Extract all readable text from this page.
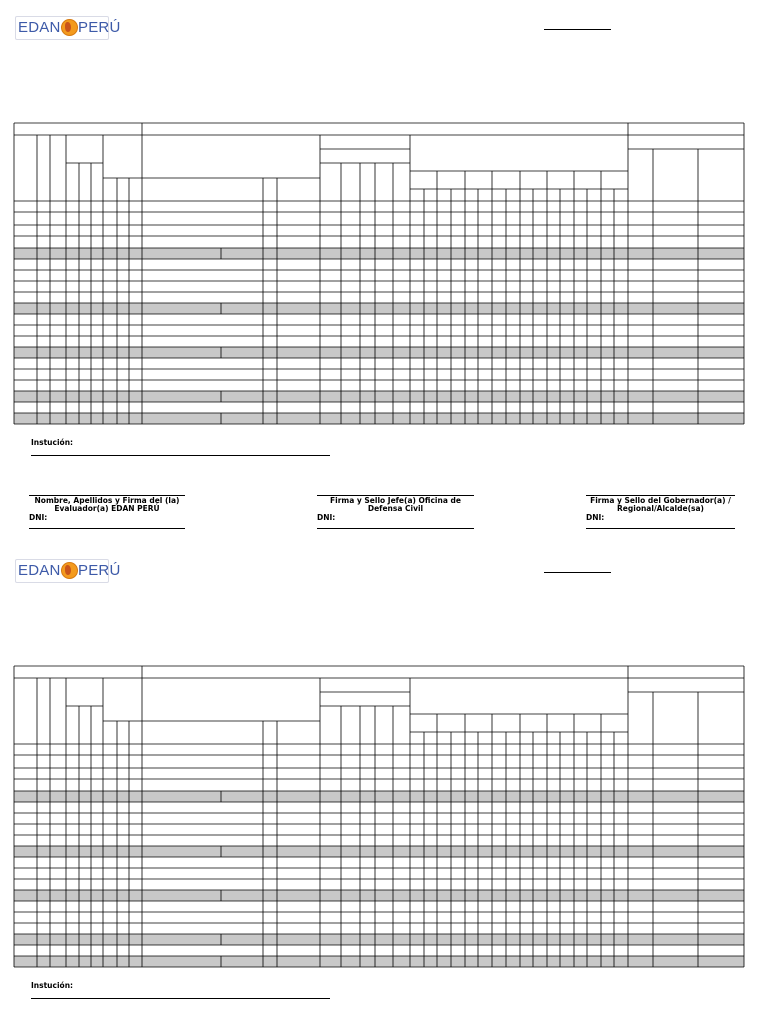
EDAN PERÚ
Instución:
Nombre, Apellidos y Firma del (la) Evaluador(a) EDAN PERÚ
DNI:
Firma y Sello Jefe(a) Oficina de Defensa Civil
DNI:
Firma y Sello del Gobernador(a) / Regional/Alcalde(sa)
DNI:
EDAN PERÚ
Instución:
